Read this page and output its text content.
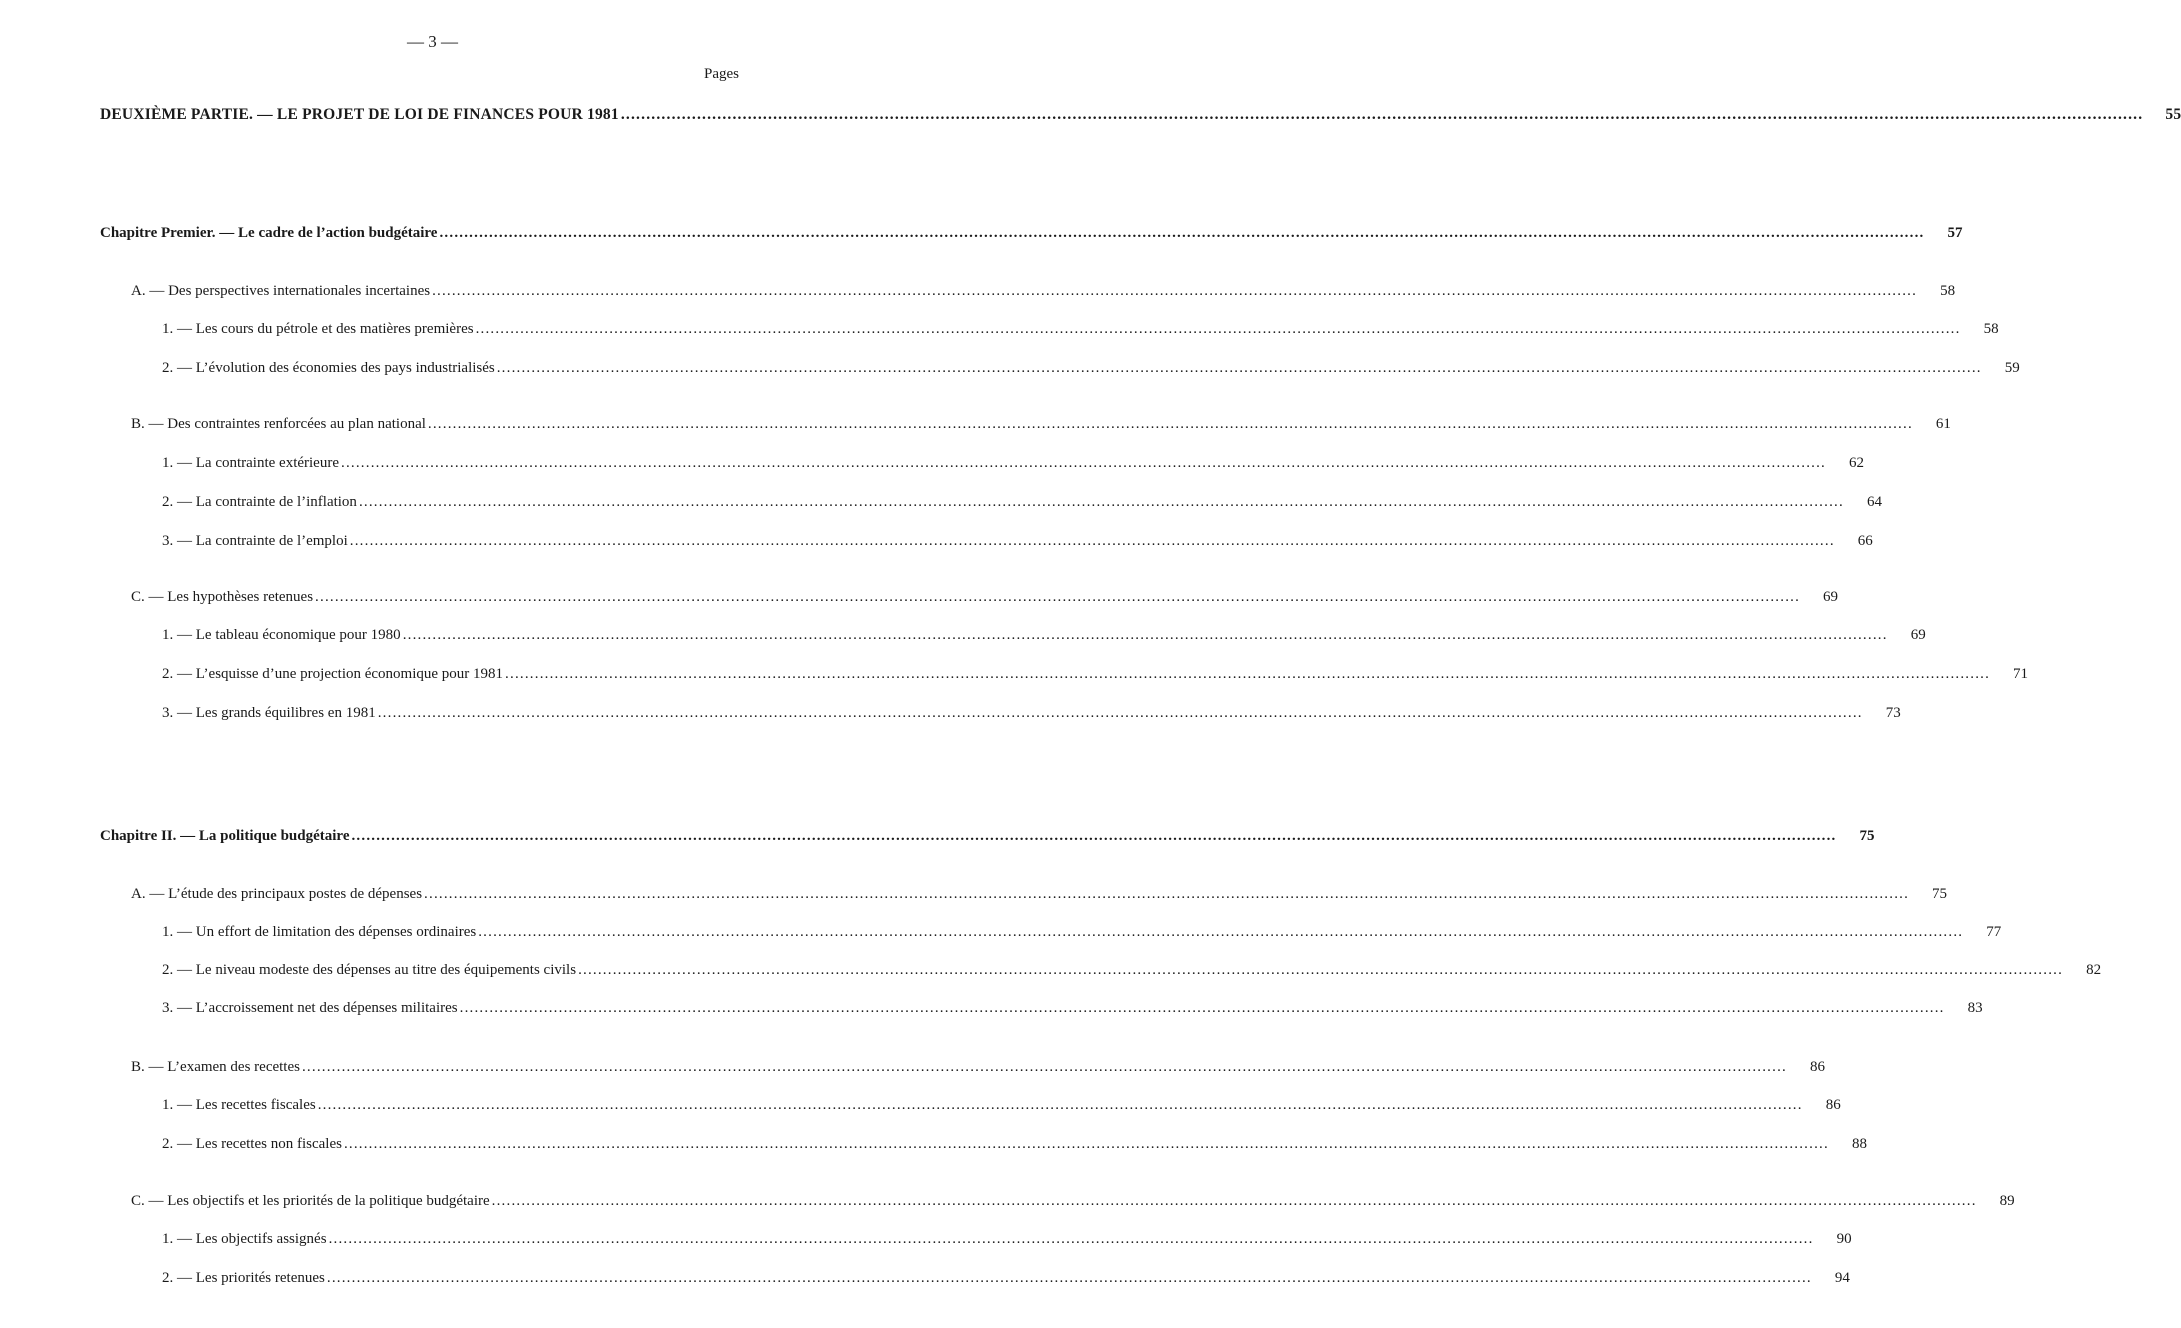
— 3 —
Pages
DEUXIÈME PARTIE. — LE PROJET DE LOI DE FINANCES POUR 1981 ............................................................................................................................................................................................................................................................................................................	55
Chapitre Premier. — Le cadre de l’action budgétaire ............................................................................................................................................................................................................................................................................................................	57
A. — Des perspectives internationales incertaines ............................................................................................................................................................................................................................................................................................................	58
1. — Les cours du pétrole et des matières premières ............................................................................................................................................................................................................................................................................................................	58
2. — L’évolution des économies des pays industrialisés ............................................................................................................................................................................................................................................................................................................	59
B. — Des contraintes renforcées au plan national ............................................................................................................................................................................................................................................................................................................	61
1. — La contrainte extérieure ............................................................................................................................................................................................................................................................................................................	62
2. — La contrainte de l’inflation ............................................................................................................................................................................................................................................................................................................	64
3. — La contrainte de l’emploi ............................................................................................................................................................................................................................................................................................................	66
C. — Les hypothèses retenues ............................................................................................................................................................................................................................................................................................................	69
1. — Le tableau économique pour 1980 ............................................................................................................................................................................................................................................................................................................	69
2. — L’esquisse d’une projection économique pour 1981 ............................................................................................................................................................................................................................................................................................................	71
3. — Les grands équilibres en 1981 ............................................................................................................................................................................................................................................................................................................	73
Chapitre II. — La politique budgétaire ............................................................................................................................................................................................................................................................................................................	75
A. — L’étude des principaux postes de dépenses ............................................................................................................................................................................................................................................................................................................	75
1. — Un effort de limitation des dépenses ordinaires ............................................................................................................................................................................................................................................................................................................	77
2. — Le niveau modeste des dépenses au titre des équipements civils ............................................................................................................................................................................................................................................................................................................	82
3. — L’accroissement net des dépenses militaires ............................................................................................................................................................................................................................................................................................................	83
B. — L’examen des recettes ............................................................................................................................................................................................................................................................................................................	86
1. — Les recettes fiscales ............................................................................................................................................................................................................................................................................................................	86
2. — Les recettes non fiscales ............................................................................................................................................................................................................................................................................................................	88
C. — Les objectifs et les priorités de la politique budgétaire ............................................................................................................................................................................................................................................................................................................	89
1. — Les objectifs assignés ............................................................................................................................................................................................................................................................................................................	90
2. — Les priorités retenues ............................................................................................................................................................................................................................................................................................................	94
